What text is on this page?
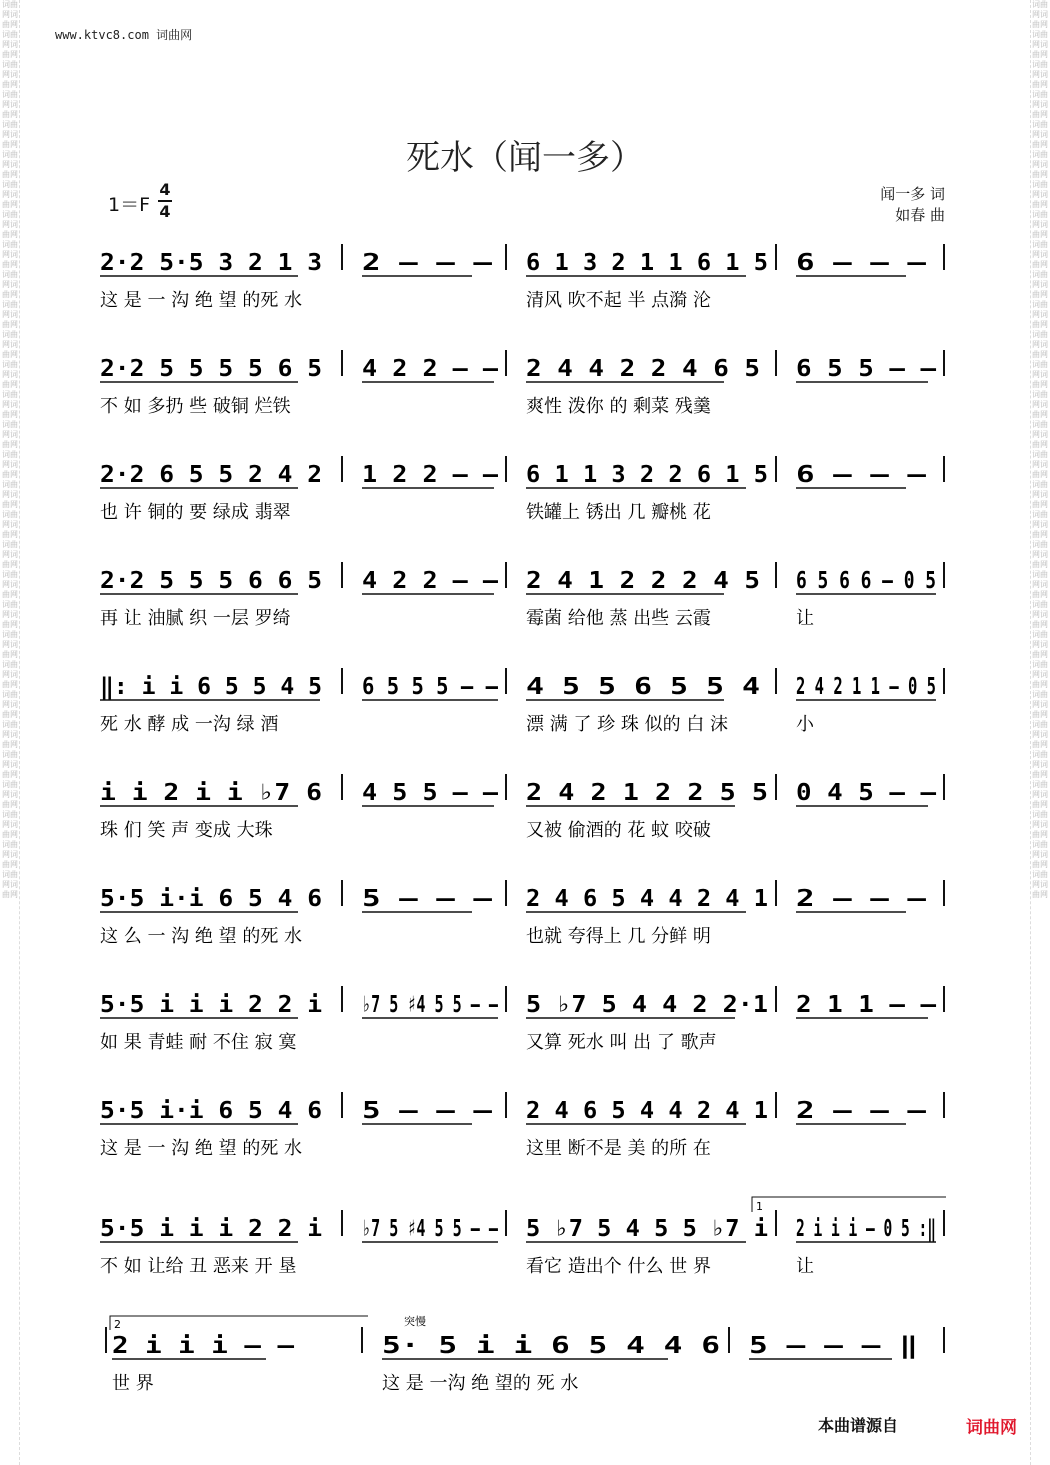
词曲网词曲网词曲网词曲网词曲网词曲网词曲网词曲网词曲网词曲网词曲网词曲网词曲网词曲网词曲网词曲网词曲网词曲网词曲网词曲网词曲网词曲网词曲网词曲网词曲网词曲网词曲网词曲网词曲网词曲网词曲网词曲网词曲网词曲网词曲网词曲网词曲网词曲网词曲网词曲网词曲网词曲网词曲网词曲网词曲网词曲网词曲网词曲网词曲网词曲网词曲网词曲网词曲网词曲网词曲网词曲网词曲网词曲网词曲网词曲网
词曲网词曲网词曲网词曲网词曲网词曲网词曲网词曲网词曲网词曲网词曲网词曲网词曲网词曲网词曲网词曲网词曲网词曲网词曲网词曲网词曲网词曲网词曲网词曲网词曲网词曲网词曲网词曲网词曲网词曲网词曲网词曲网词曲网词曲网词曲网词曲网词曲网词曲网词曲网词曲网词曲网词曲网词曲网词曲网词曲网词曲网词曲网词曲网词曲网词曲网词曲网词曲网词曲网词曲网词曲网词曲网词曲网词曲网词曲网词曲网
www.ktvc8.com 词曲网
死水（闻一多）
1＝F
4
4
闻一多 词
如春 曲
2·2 5·5 3 2 1 3
这 是 一 沟 绝 望 的死 水
2 – – – 6 1 3 2 1 1 6 1 5
清风 吹不起 半 点漪 沦
6 – – –
2·2 5 5 5 5 6 5
不 如 多扔 些 破铜 烂铁
4 2 2 – – 2 4 4 2 2 4 6 5
爽性 泼你 的 剩菜 残羹
6 5 5 – –
2·2 6 5 5 2 4 2
也 许 铜的 要 绿成 翡翠
1 2 2 – – 6 1 1 3 2 2 6 1 5
铁罐上 锈出 几 瓣桃 花
6 – – –
2·2 5 5 5 6 6 5
再 让 油腻 织 一层 罗绮
4 2 2 – – 2 4 1 2 2 2 4 5
霉菌 给他 蒸 出些 云霞
6 5 6 6 – 0 5
让
‖: i i 6 5 5 4 5
死 水 酵 成 一沟 绿 酒
6 5 5 5 – – 4 5 5 6 5 5 4
漂 满 了 珍 珠 似的 白 沫
2 4 2 1 1 – 0 5
小
i i 2 i i ♭7 6
珠 们 笑 声 变成 大珠
4 5 5 – – 2 4 2 1 2 2 5 5
又被 偷酒的 花 蚊 咬破
0 4 5 – –
5·5 i·i 6 5 4 6
这 么 一 沟 绝 望 的死 水
5 – – – 2 4 6 5 4 4 2 4 1
也就 夸得上 几 分鲜 明
2 – – –
5·5 i i i 2 2 i
如 果 青蛙 耐 不住 寂 寞
♭7 5 ♯4 5 5 – – 5 ♭7 5 4 4 2 2·1
又算 死水 叫 出 了 歌声
2 1 1 – –
5·5 i·i 6 5 4 6
这 是 一 沟 绝 望 的死 水
5 – – – 2 4 6 5 4 4 2 4 1
这里 断不是 美 的所 在
2 – – –
5·5 i i i 2 2 i
不 如 让给 丑 恶来 开 垦
♭7 5 ♯4 5 5 – – 5 ♭7 5 4 5 5 ♭7 i
看它 造出个 什么 世 界
2 i i i – 0 5 :‖
让
2 i i i – –
世 界
5· 5 i i 6 5 4 4 6
这 是 一沟 绝 望的 死 水
5 – – – ‖
1
2	突慢
本曲谱源自	词曲网
